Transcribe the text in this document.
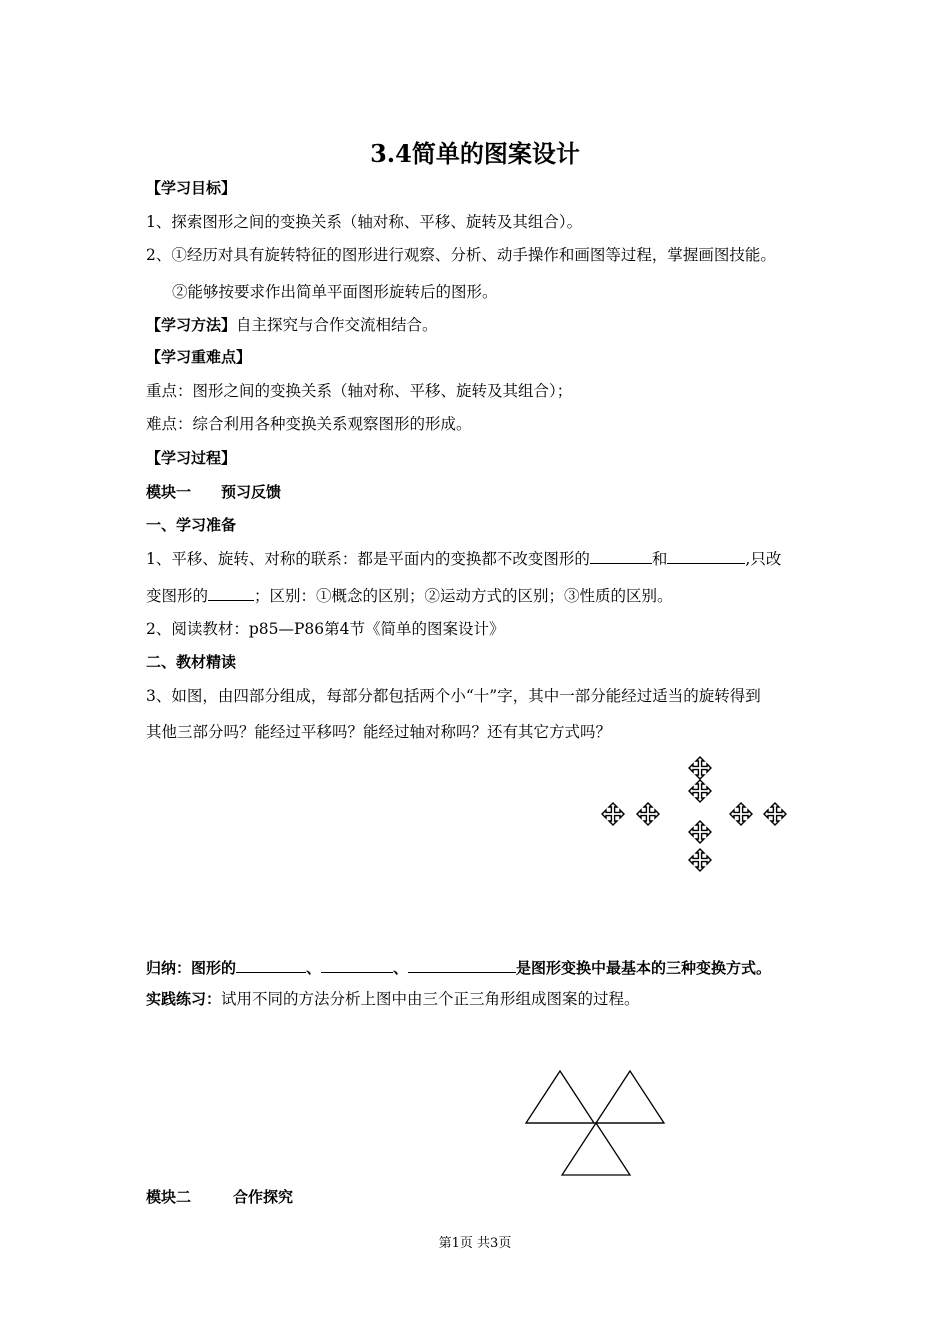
3.4简单的图案设计
【学习目标】
1、探索图形之间的变换关系（轴对称、平移、旋转及其组合）。
2、①经历对具有旋转特征的图形进行观察、分析、动手操作和画图等过程，掌握画图技能。
②能够按要求作出简单平面图形旋转后的图形。
【学习方法】自主探究与合作交流相结合。
【学习重难点】
重点：图形之间的变换关系（轴对称、平移、旋转及其组合）；
难点：综合利用各种变换关系观察图形的形成。
【学习过程】
模块一 预习反馈
一、学习准备
1、平移、旋转、对称的联系：都是平面内的变换都不改变图形的	和	,只改
变图形的	；区别：①概念的区别；②运动方式的区别；③性质的区别。
2、阅读教材：p85—P86第4节《简单的图案设计》
二、教材精读
3、如图，由四部分组成，每部分都包括两个小“十”字，其中一部分能经过适当的旋转得到
其他三部分吗？能经过平移吗？能经过轴对称吗？还有其它方式吗？
归纳：图形的	、	、	是图形变换中最基本的三种变换方式。
实践练习：试用不同的方法分析上图中由三个正三角形组成图案的过程。
模块二	合作探究
第1页 共3页
